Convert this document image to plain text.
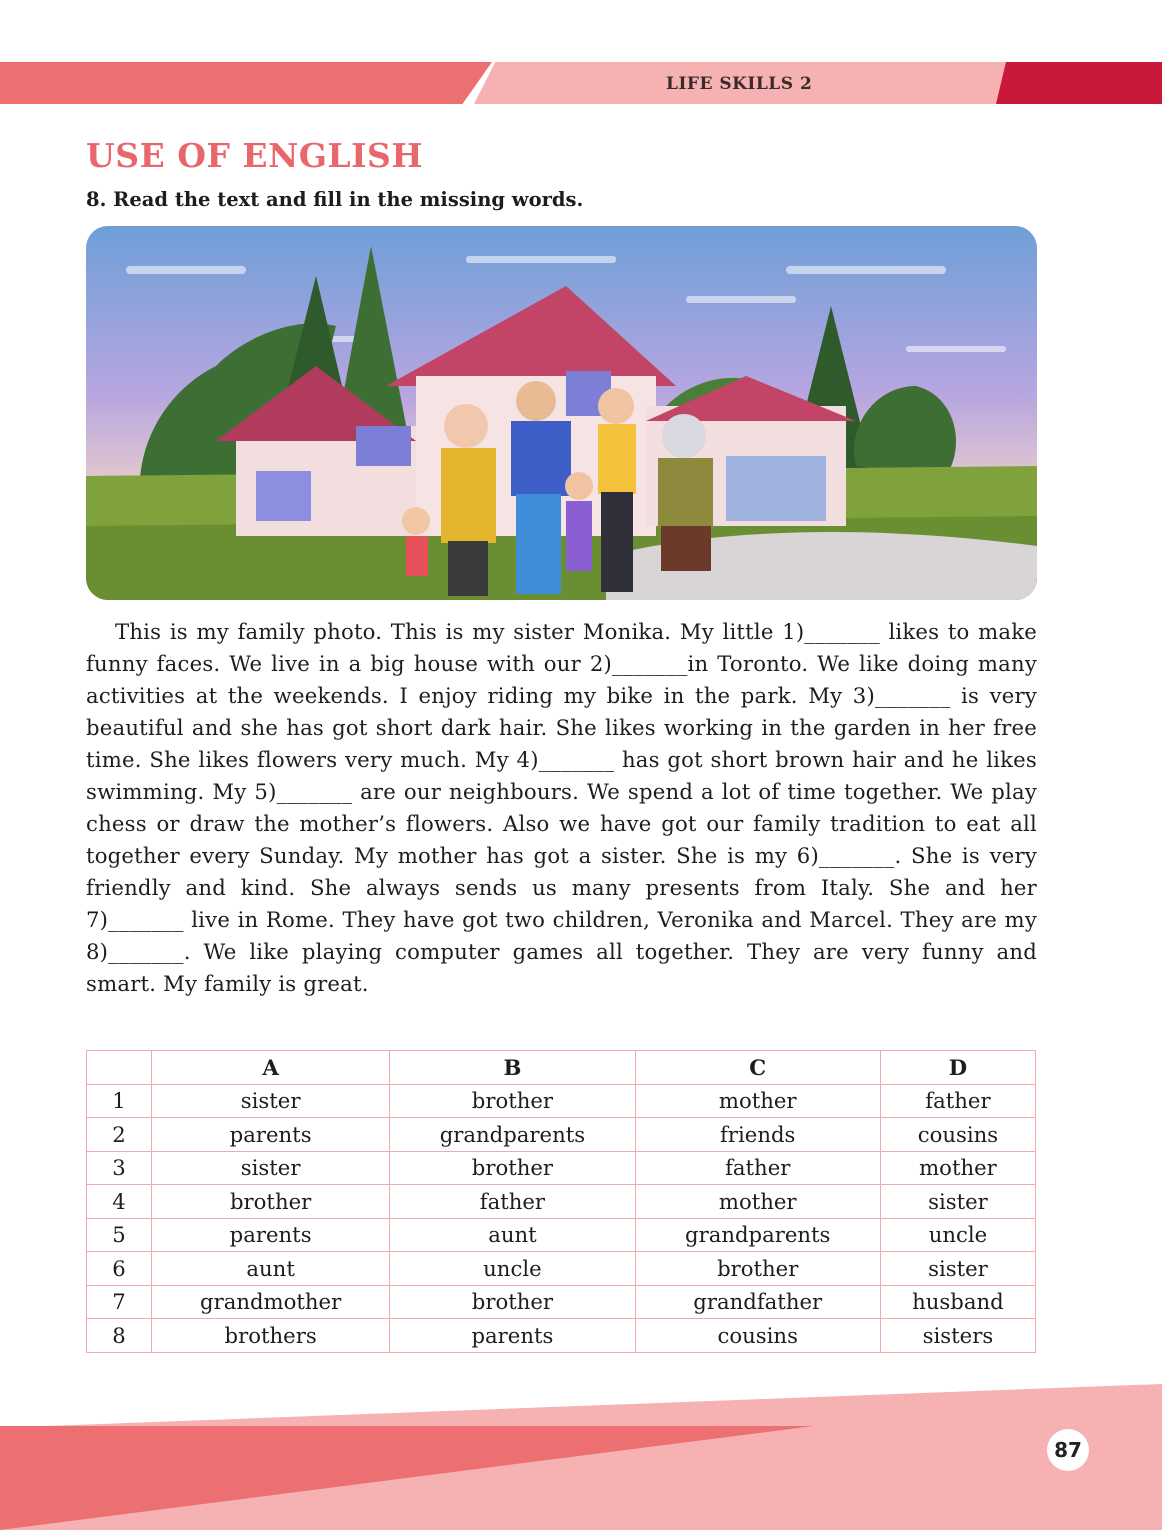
LIFE SKILLS 2
USE OF ENGLISH
8. Read the text and fill in the missing words.

This is my family photo. This is my sister Monika. My little 1)_______ likes to make funny faces. We live in a big house with our 2)_______in Toronto. We like doing many activities at the weekends. I enjoy riding my bike in the park. My 3)_______ is very beautiful and she has got short dark hair. She likes working in the garden in her free time. She likes flowers very much. My 4)_______ has got short brown hair and he likes swimming. My 5)_______ are our neighbours. We spend a lot of time together. We play chess or draw the mother’s flowers. Also we have got our family tradition to eat all together every Sunday. My mother has got a sister. She is my 6)_______. She is very friendly and kind. She always sends us many presents from Italy. She and her 7)_______ live in Rome. They have got two children, Veronika and Marcel. They are my 8)_______. We like playing computer games all together. They are very funny and smart. My family is great.

	A	B	C	D
1	sister	brother	mother	father
2	parents	grandparents	friends	cousins
3	sister	brother	father	mother
4	brother	father	mother	sister
5	parents	aunt	grandparents	uncle
6	aunt	uncle	brother	sister
7	grandmother	brother	grandfather	husband
8	brothers	parents	cousins	sisters
87
